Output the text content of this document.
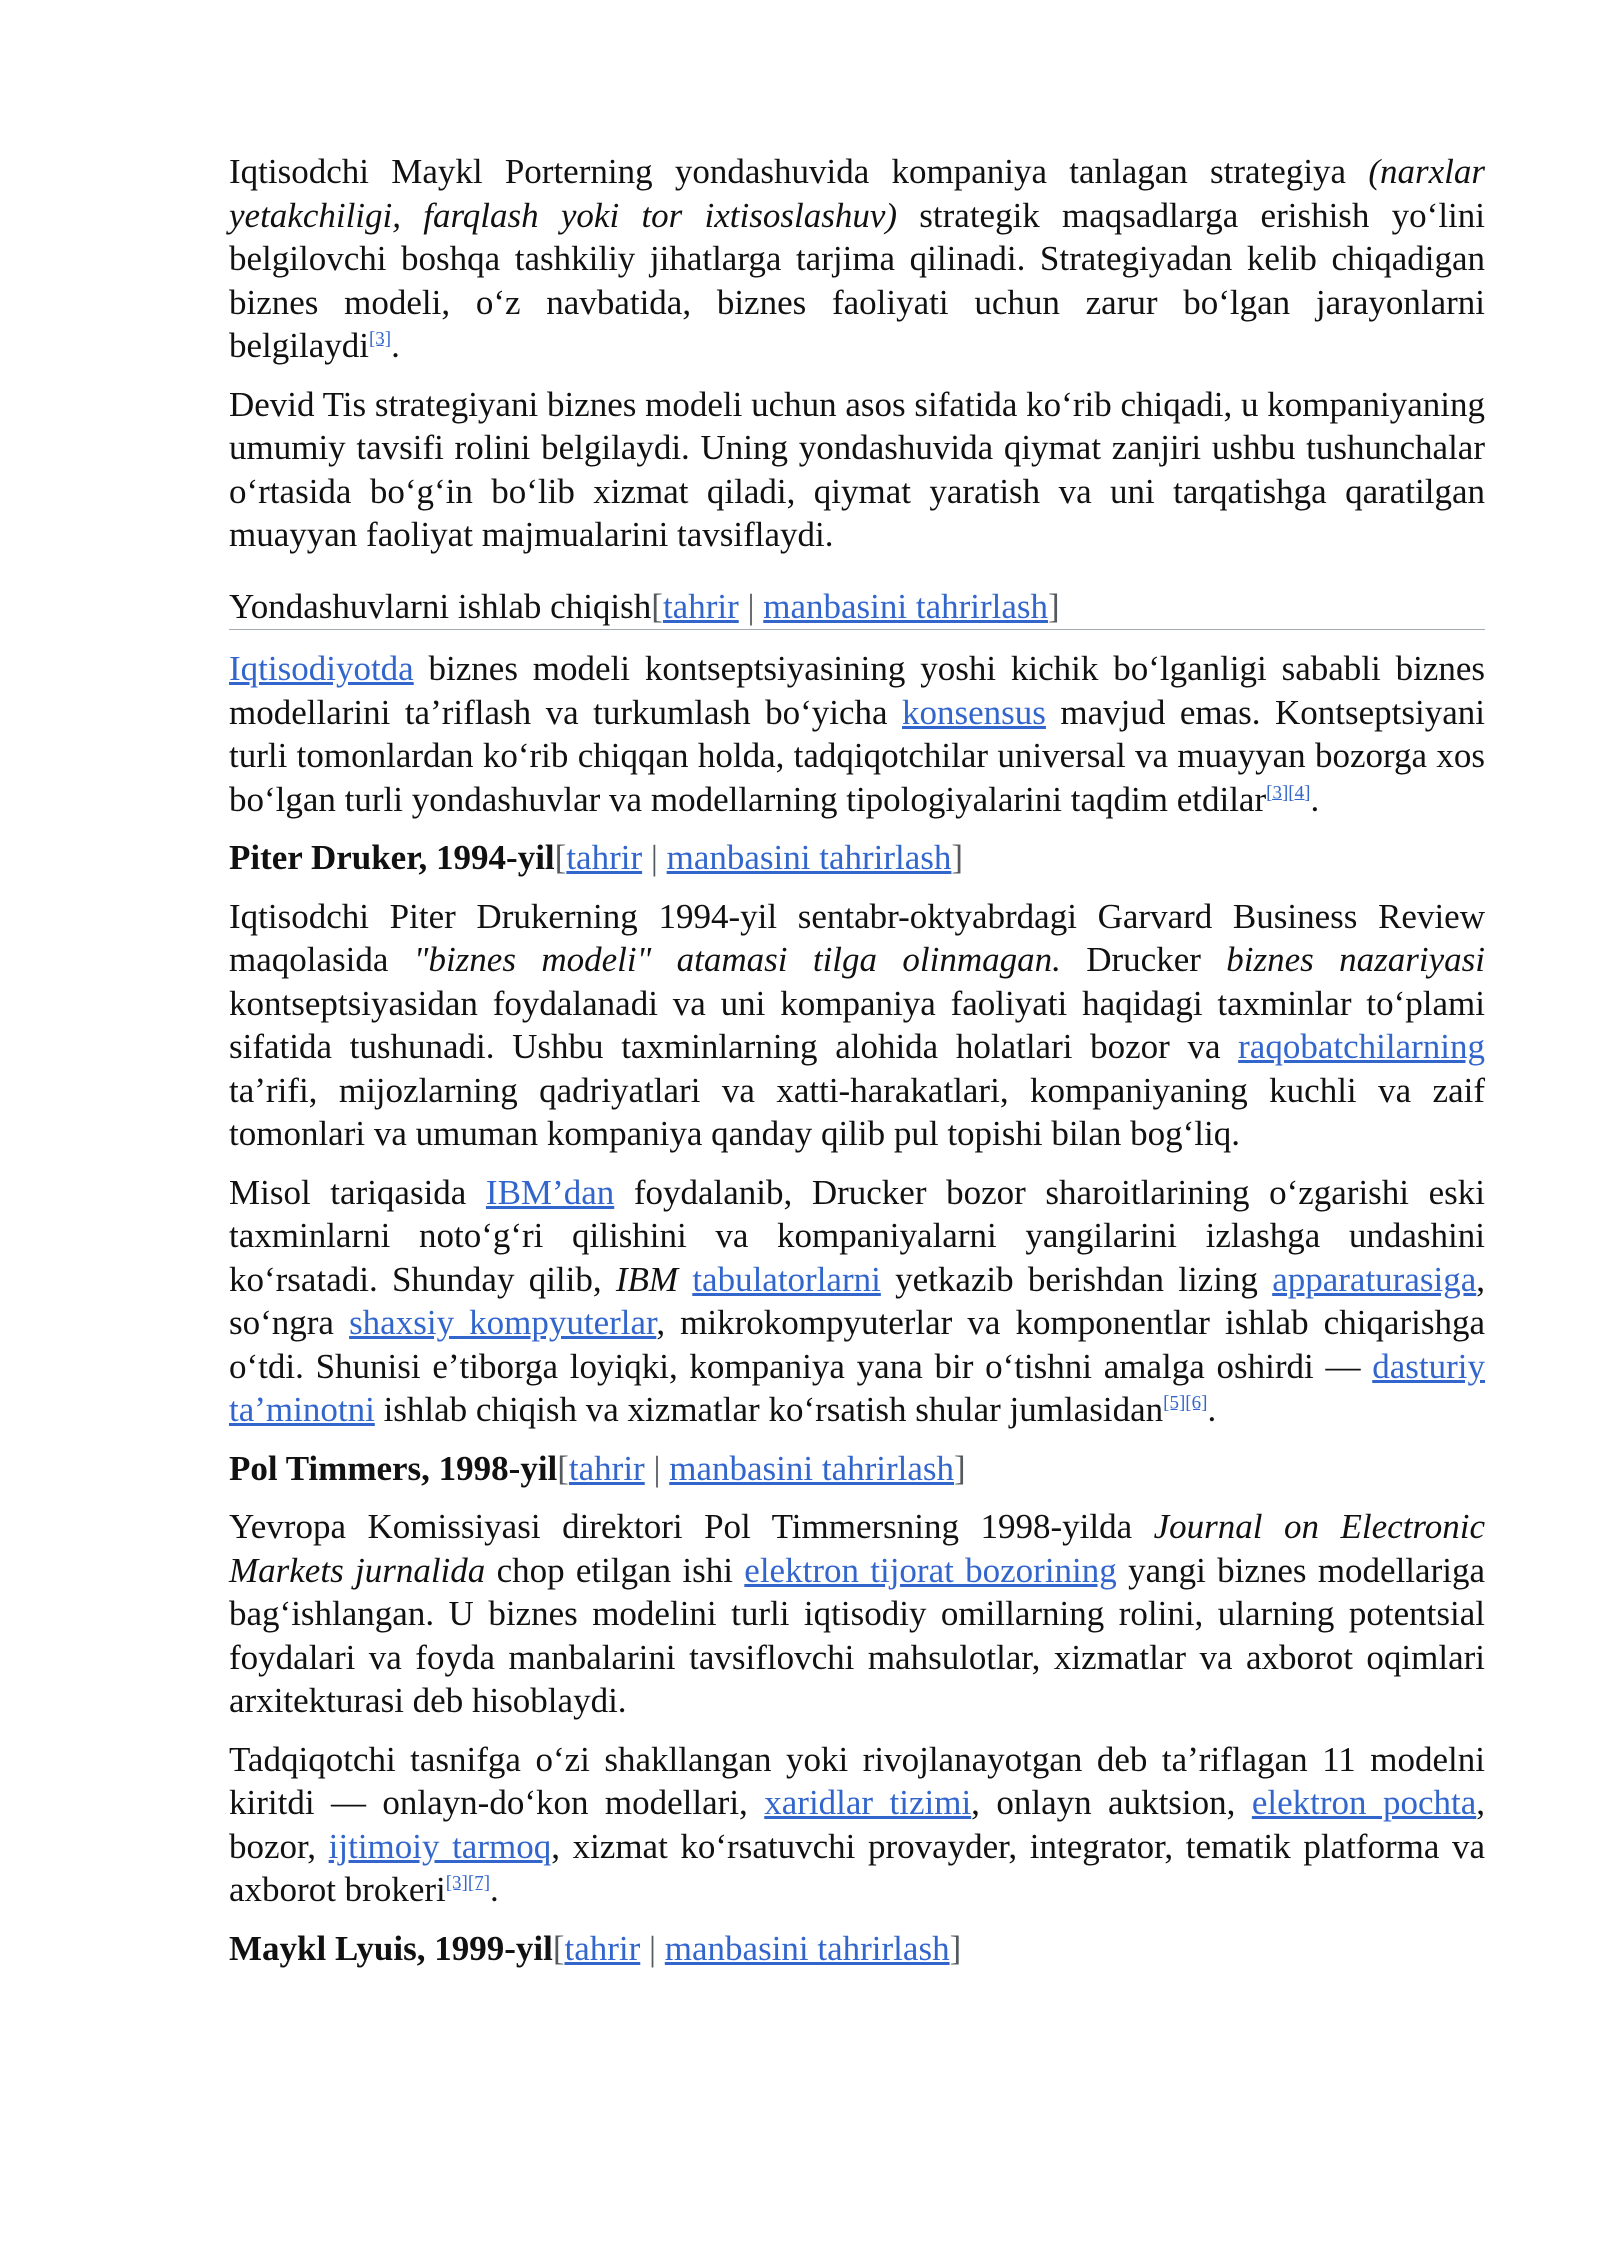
Iqtisodchi Maykl Porterning yondashuvida kompaniya tanlagan strategiya (narxlar yetakchiligi, farqlash yoki tor ixtisoslashuv) strategik maqsadlarga erishish yoʻlini belgilovchi boshqa tashkiliy jihatlarga tarjima qilinadi. Strategiyadan kelib chiqadigan biznes modeli, oʻz navbatida, biznes faoliyati uchun zarur boʻlgan jarayonlarni belgilaydi[3].

Devid Tis strategiyani biznes modeli uchun asos sifatida koʻrib chiqadi, u kompaniyaning umumiy tavsifi rolini belgilaydi. Uning yondashuvida qiymat zanjiri ushbu tushunchalar oʻrtasida boʻgʻin boʻlib xizmat qiladi, qiymat yaratish va uni tarqatishga qaratilgan muayyan faoliyat majmualarini tavsiflaydi.

Yondashuvlarni ishlab chiqish[tahrir | manbasini tahrirlash]

Iqtisodiyotda biznes modeli kontseptsiyasining yoshi kichik boʻlganligi sababli biznes modellarini taʼriflash va turkumlash boʻyicha konsensus mavjud emas. Kontseptsiyani turli tomonlardan koʻrib chiqqan holda, tadqiqotchilar universal va muayyan bozorga xos boʻlgan turli yondashuvlar va modellarning tipologiyalarini taqdim etdilar[3][4].

Piter Druker, 1994-yil[tahrir | manbasini tahrirlash]

Iqtisodchi Piter Drukerning 1994-yil sentabr-oktyabrdagi Garvard Business Review maqolasida "biznes modeli" atamasi tilga olinmagan. Drucker biznes nazariyasi kontseptsiyasidan foydalanadi va uni kompaniya faoliyati haqidagi taxminlar toʻplami sifatida tushunadi. Ushbu taxminlarning alohida holatlari bozor va raqobatchilarning taʼrifi, mijozlarning qadriyatlari va xatti-harakatlari, kompaniyaning kuchli va zaif tomonlari va umuman kompaniya qanday qilib pul topishi bilan bogʻliq.

Misol tariqasida IBM’dan foydalanib, Drucker bozor sharoitlarining oʻzgarishi eski taxminlarni notoʻgʻri qilishini va kompaniyalarni yangilarini izlashga undashini koʻrsatadi. Shunday qilib, IBM tabulatorlarni yetkazib berishdan lizing apparaturasiga, soʻngra shaxsiy kompyuterlar, mikrokompyuterlar va komponentlar ishlab chiqarishga oʻtdi. Shunisi eʼtiborga loyiqki, kompaniya yana bir oʻtishni amalga oshirdi — dasturiy taʼminotni ishlab chiqish va xizmatlar koʻrsatish shular jumlasidan[5][6].

Pol Timmers, 1998-yil[tahrir | manbasini tahrirlash]

Yevropa Komissiyasi direktori Pol Timmersning 1998-yilda Journal on Electronic Markets jurnalida chop etilgan ishi elektron tijorat bozorining yangi biznes modellariga bagʻishlangan. U biznes modelini turli iqtisodiy omillarning rolini, ularning potentsial foydalari va foyda manbalarini tavsiflovchi mahsulotlar, xizmatlar va axborot oqimlari arxitekturasi deb hisoblaydi.

Tadqiqotchi tasnifga oʻzi shakllangan yoki rivojlanayotgan deb taʼriflagan 11 modelni kiritdi — onlayn-doʻkon modellari, xaridlar tizimi, onlayn auktsion, elektron pochta, bozor, ijtimoiy tarmoq, xizmat koʻrsatuvchi provayder, integrator, tematik platforma va axborot brokeri[3][7].

Maykl Lyuis, 1999-yil[tahrir | manbasini tahrirlash]
